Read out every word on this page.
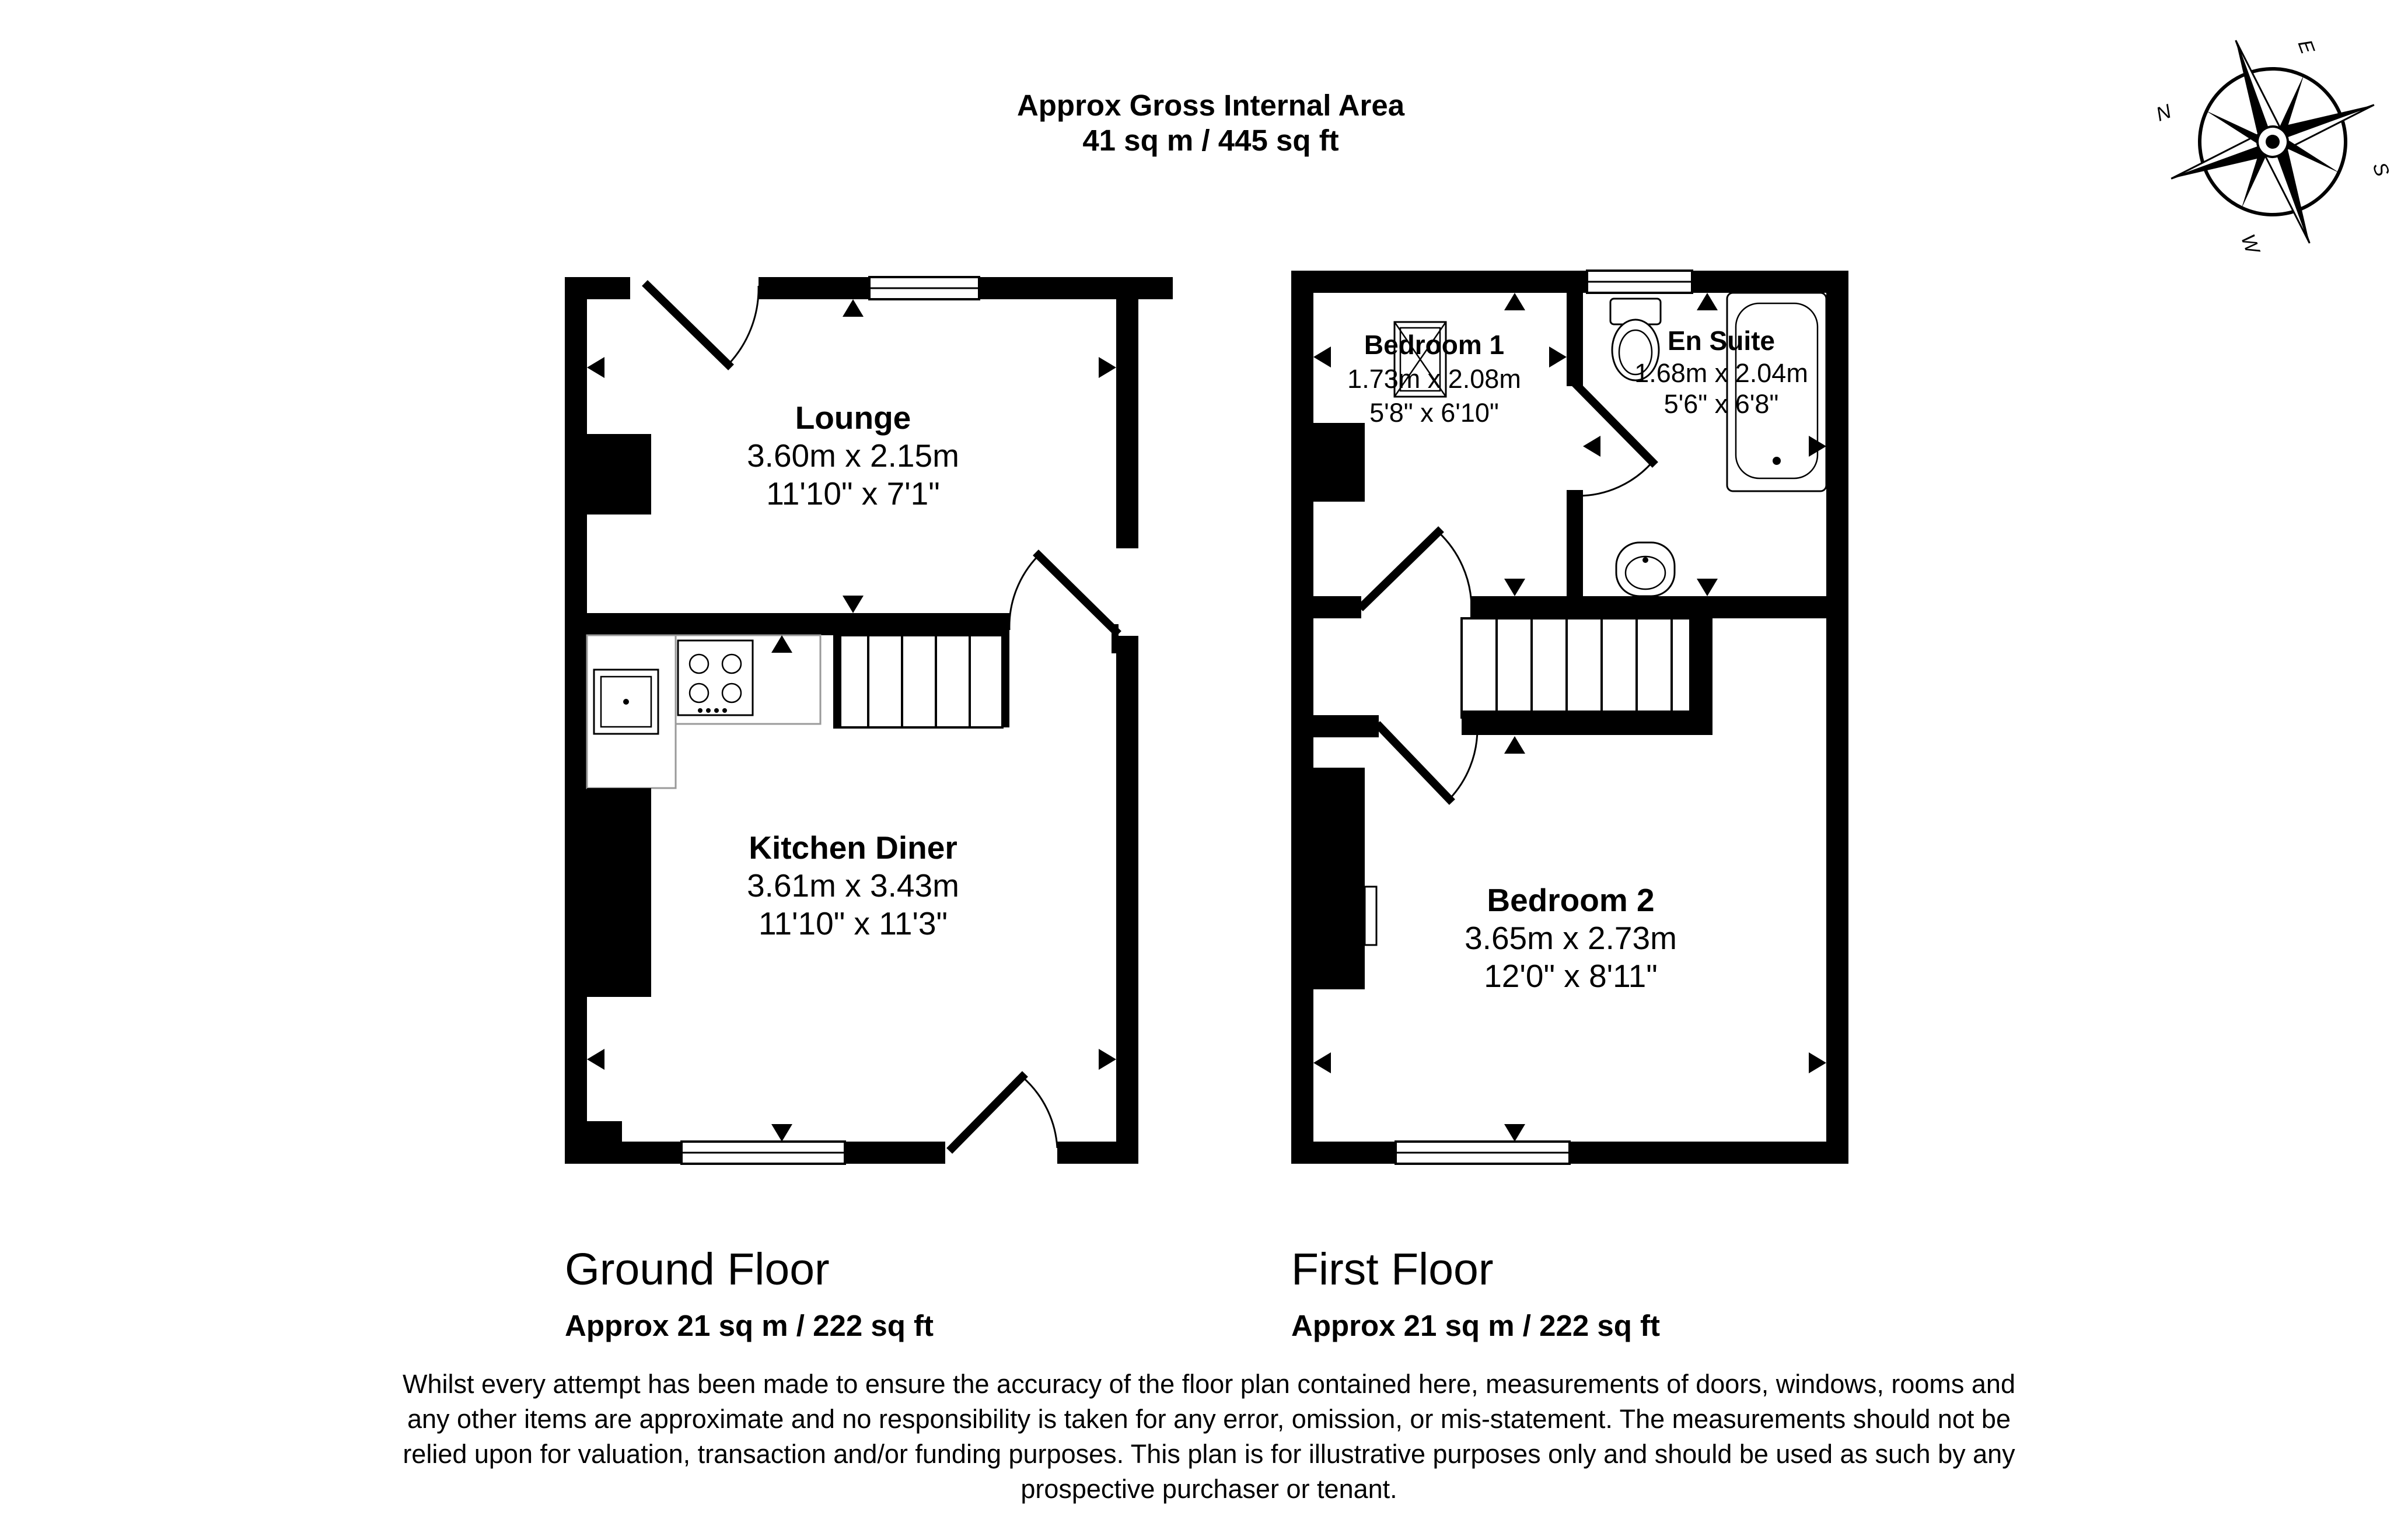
Approx Gross Internal Area
41 sq m / 445 sq ft
N
E
S
W
Lounge
3.60m x 2.15m
11'10" x 7'1"
Kitchen Diner
3.61m x 3.43m
11'10" x 11'3"
Bedroom 1
1.73m x 2.08m
5'8" x 6'10"
En Suite
1.68m x 2.04m
5'6" x 6'8"
Bedroom 2
3.65m x 2.73m
12'0" x 8'11"
Ground Floor
Approx 21 sq m / 222 sq ft
First Floor
Approx 21 sq m / 222 sq ft
Whilst every attempt has been made to ensure the accuracy of the floor plan contained here, measurements of doors, windows, rooms and
any other items are approximate and no responsibility is taken for any error, omission, or mis-statement. The measurements should not be
relied upon for valuation, transaction and/or funding purposes. This plan is for illustrative purposes only and should be used as such by any
prospective purchaser or tenant.
